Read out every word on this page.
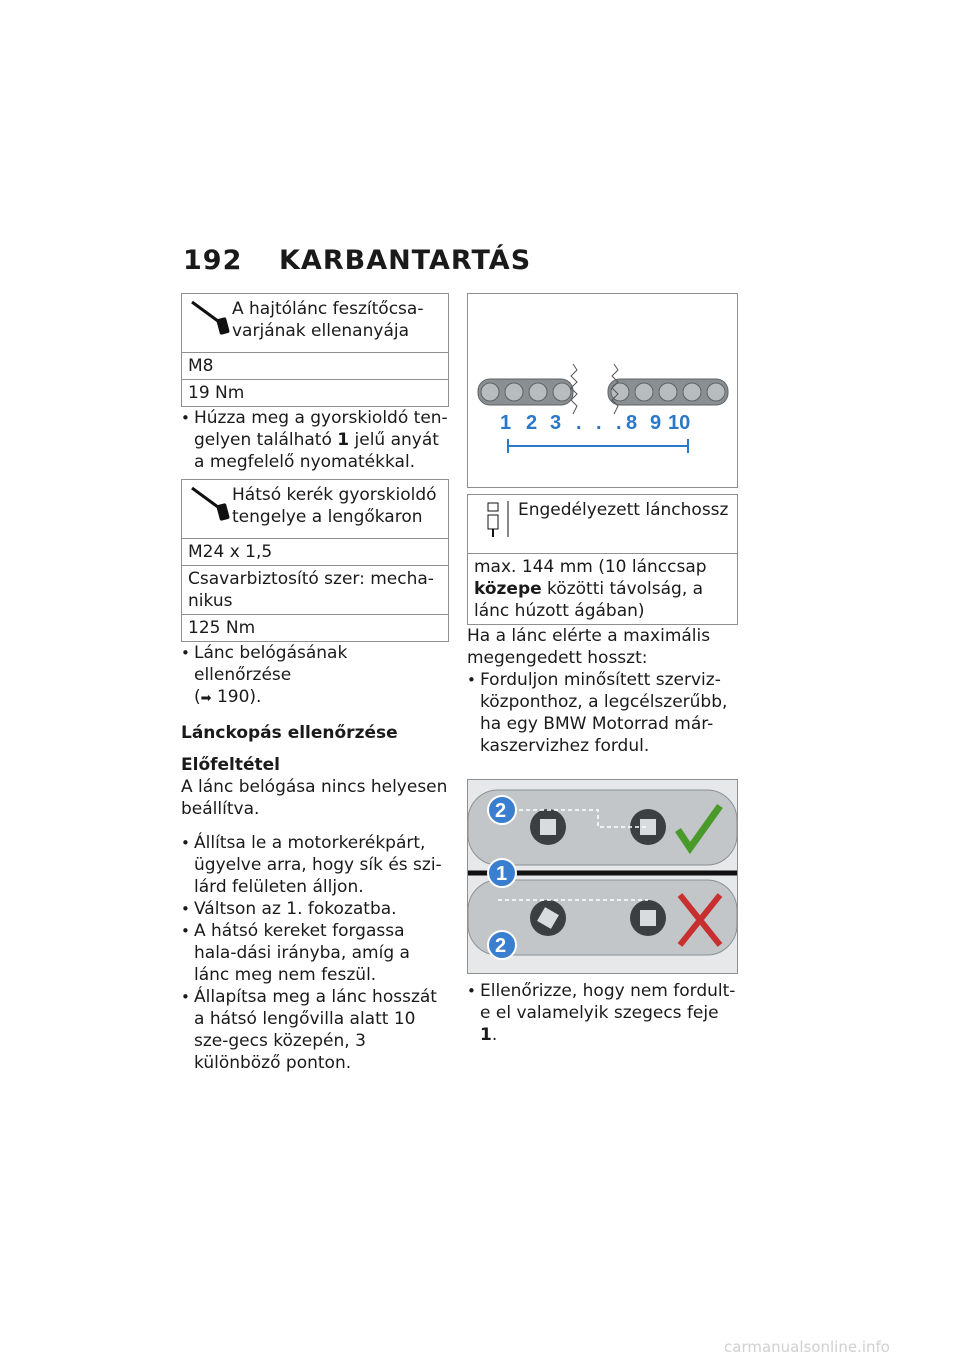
192 KARBANTARTÁS
A hajtólánc feszítőcsa-varjának ellenanyája
M8
19 Nm

• Húzza meg a gyorskioldó ten- gelyen található 1 jelű anyát a megfelelő nyomatékkal.

Hátsó kerék gyorskioldó tengelye a lengőkaron
M24 x 1,5
Csavarbiztosító szer: mecha-nikus
125 Nm

• Lánc belógásának ellenőrzése
(➡ 190).

Lánckopás ellenőrzése

Előfeltétel

A lánc belógása nincs helyesen beállítva.

• Állítsa le a motorkerékpárt, ügyelve arra, hogy sík és szi-lárd felületen álljon.

• Váltson az 1. fokozatba.

• A hátsó kereket forgassa hala-dási irányba, amíg a lánc meg nem feszül.

• Állapítsa meg a lánc hosszát a hátsó lengővilla alatt 10 sze-gecs közepén, 3 különböző ponton.

1 2 3 . . . 8 9 10
Engedélyezett lánchossz
max. 144 mm (10 lánccsap közepe közötti távolság, a lánc húzott ágában)

Ha a lánc elérte a maximális megengedett hosszt:

• Forduljon minősített szerviz-központhoz, a legcélszerűbb, ha egy BMW Motorrad már-kaszervizhez fordul.

2
1
2

• Ellenőrizze, hogy nem fordult-e el valamelyik szegecs feje 1.

carmanualsonline.info
